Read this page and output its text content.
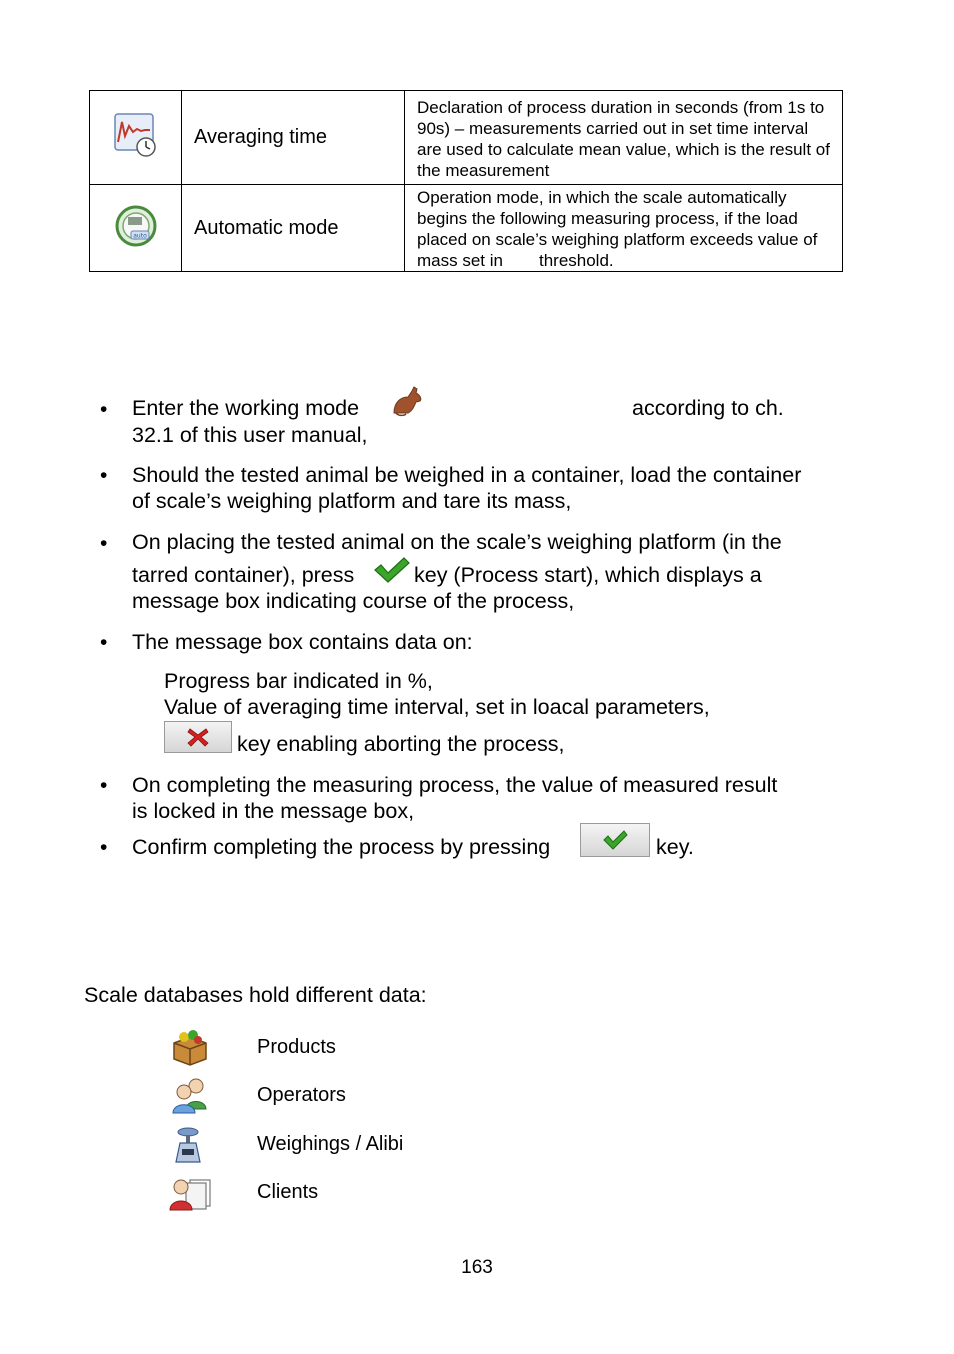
	Averaging time	Declaration of process duration in seconds (from 1s to 90s) – measurements carried out in set time interval are used to calculate mean value, which is the result of the measurement

auto	Automatic mode	Operation mode, in which the scale automatically begins the following measuring process, if the load placed on scale’s weighing platform exceeds value of mass set in threshold.
• Enter the working mode	according to ch.
32.1 of this user manual,
• Should the tested animal be weighed in a container, load the container
of scale’s weighing platform and tare its mass,
• On placing the tested animal on the scale’s weighing platform (in the
tarred container), press	key (Process start), which displays a
message box indicating course of the process,
• The message box contains data on:
Progress bar indicated in %,
Value of averaging time interval, set in loacal parameters,
key enabling aborting the process,
• On completing the measuring process, the value of measured result
is locked in the message box,
• Confirm completing the process by pressing	key.
Scale databases hold different data:
Products
Operators
Weighings / Alibi
Clients
163
